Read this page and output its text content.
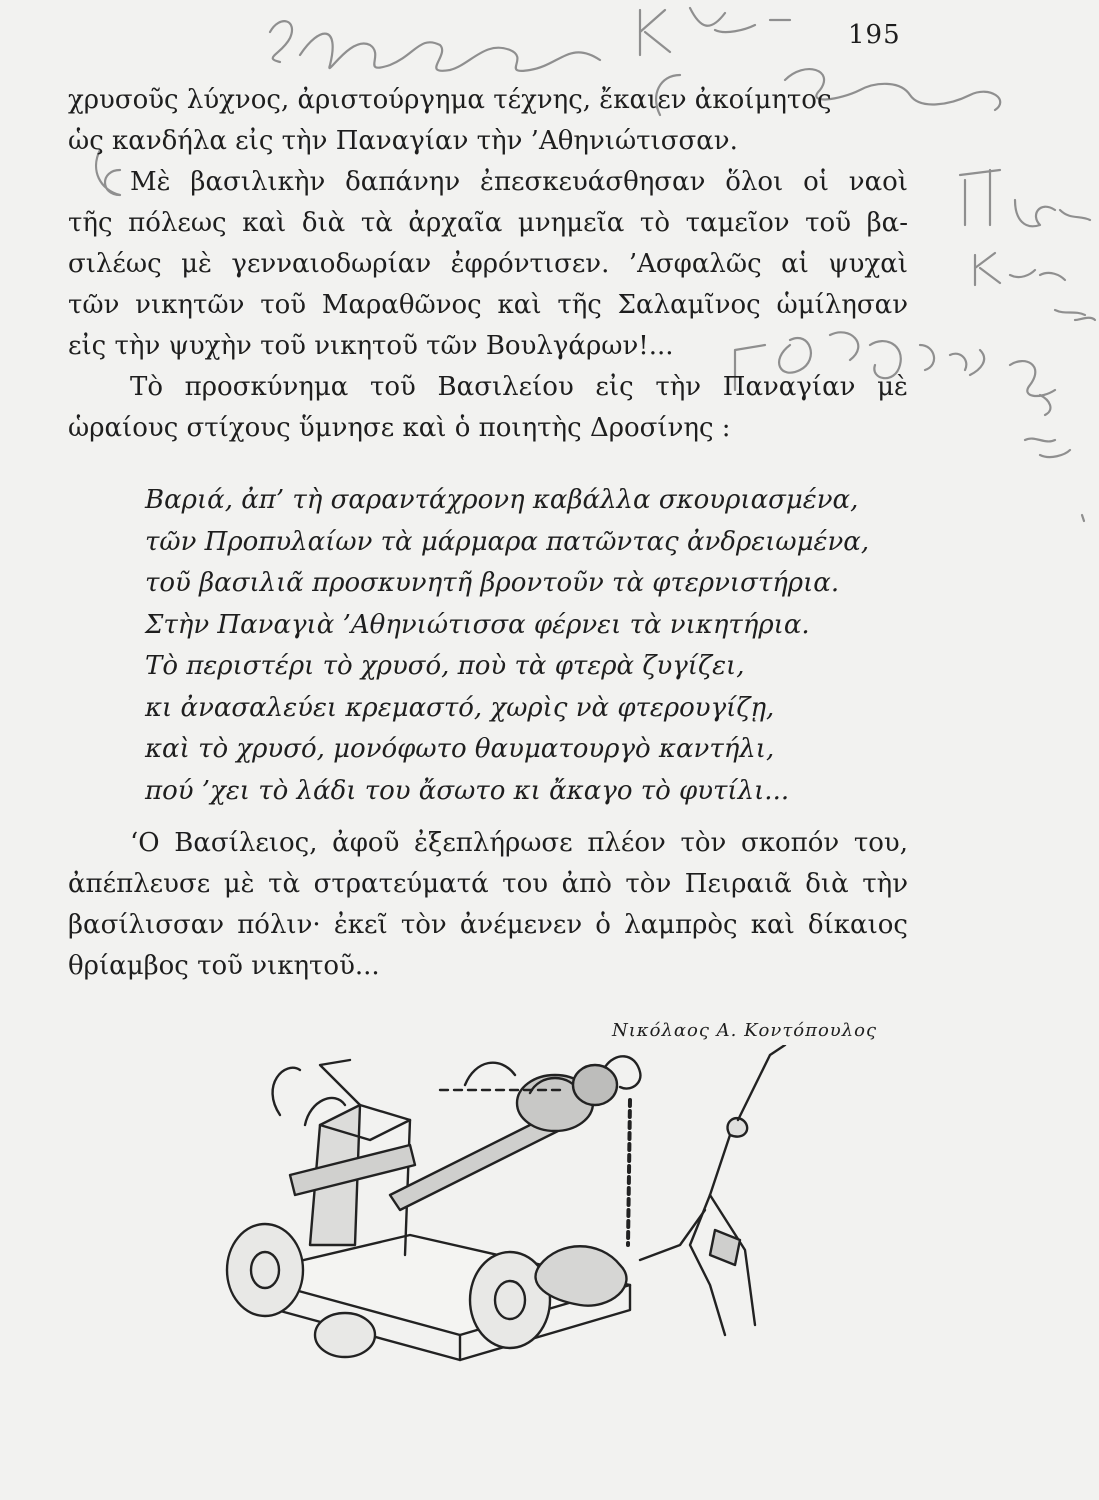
195

χρυσοῦς λύχνος, ἀριστούργημα τέχνης, ἔκαιεν ἀκοίμητος

ὡς κανδήλα εἰς τὴν Παναγίαν τὴν ’Αθηνιώτισσαν.

Μὲ βασιλικὴν δαπάνην ἐπεσκευάσθησαν ὅλοι οἱ ναοὶ

τῆς πόλεως καὶ διὰ τὰ ἀρχαῖα μνημεῖα τὸ ταμεῖον τοῦ βα-

σιλέως μὲ γενναιοδωρίαν ἐφρόντισεν. ’Ασφαλῶς αἱ ψυχαὶ

τῶν νικητῶν τοῦ Μαραθῶνος καὶ τῆς Σαλαμῖνος ὡμίλησαν

εἰς τὴν ψυχὴν τοῦ νικητοῦ τῶν Βουλγάρων!...

Τὸ προσκύνημα τοῦ Βασιλείου εἰς τὴν Παναγίαν μὲ

ὡραίους στίχους ὕμνησε καὶ ὁ ποιητὴς Δροσίνης :

Βαριά, ἀπ’ τὴ σαραντάχρονη καβάλλα σκουριασμένα,
τῶν Προπυλαίων τὰ μάρμαρα πατῶντας ἀνδρειωμένα,
τοῦ βασιλιᾶ προσκυνητῆ βροντοῦν τὰ φτερνιστήρια.
Στὴν Παναγιὰ ’Αθηνιώτισσα φέρνει τὰ νικητήρια.
Τὸ περιστέρι τὸ χρυσό, ποὺ τὰ φτερὰ ζυγίζει,
κι ἀνασαλεύει κρεμαστό, χωρὶς νὰ φτερουγίζῃ,
καὶ τὸ χρυσό, μονόφωτο θαυματουργὸ καντήλι,
πού ’χει τὸ λάδι του ἄσωτο κι ἄκαγο τὸ φυτίλι...

‘Ο Βασίλειος, ἀφοῦ ἐξεπλήρωσε πλέον τὸν σκοπόν του,

ἀπέπλευσε μὲ τὰ στρατεύματά του ἀπὸ τὸν Πειραιᾶ διὰ τὴν

βασίλισσαν πόλιν· ἐκεῖ τὸν ἀνέμενεν ὁ λαμπρὸς καὶ δίκαιος

θρίαμβος τοῦ νικητοῦ...

Νικόλαος Α. Κοντόπουλος
